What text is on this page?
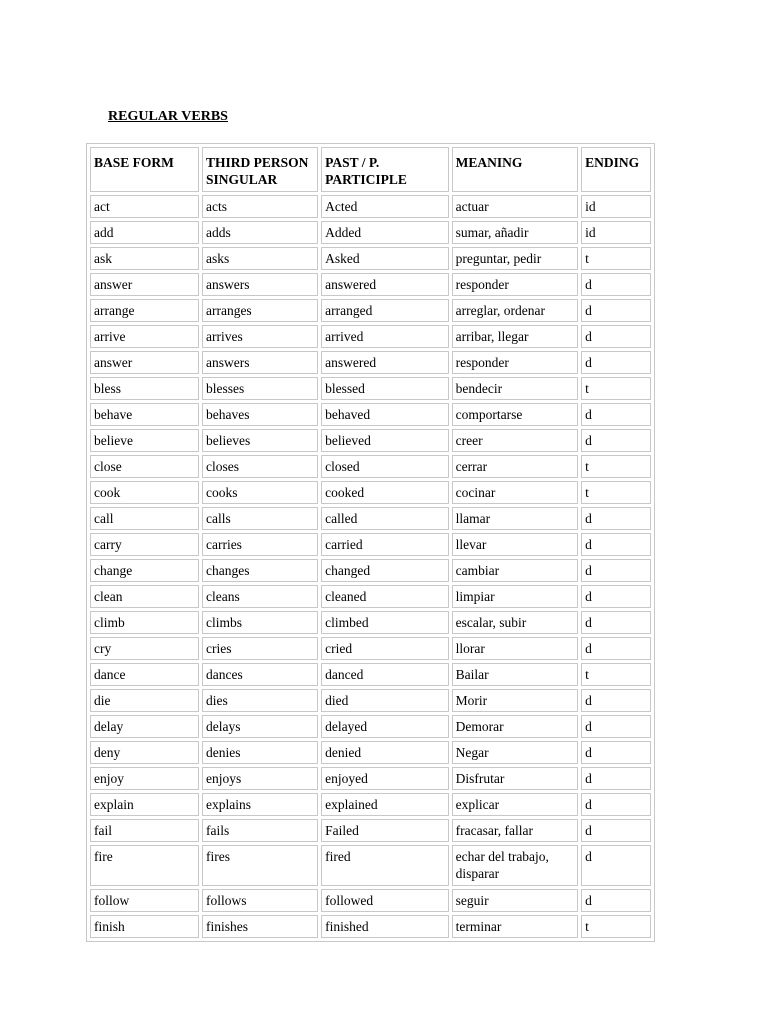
REGULAR VERBS
BASE FORM	THIRD PERSON SINGULAR	PAST / P. PARTICIPLE	MEANING	ENDING
act	acts	Acted	actuar	id
add	adds	Added	sumar, añadir	id
ask	asks	Asked	preguntar, pedir	t
answer	answers	answered	responder	d
arrange	arranges	arranged	arreglar, ordenar	d
arrive	arrives	arrived	arribar, llegar	d
answer	answers	answered	responder	d
bless	blesses	blessed	bendecir	t
behave	behaves	behaved	comportarse	d
believe	believes	believed	creer	d
close	closes	closed	cerrar	t
cook	cooks	cooked	cocinar	t
call	calls	called	llamar	d
carry	carries	carried	llevar	d
change	changes	changed	cambiar	d
clean	cleans	cleaned	limpiar	d
climb	climbs	climbed	escalar, subir	d
cry	cries	cried	llorar	d
dance	dances	danced	Bailar	t
die	dies	died	Morir	d
delay	delays	delayed	Demorar	d
deny	denies	denied	Negar	d
enjoy	enjoys	enjoyed	Disfrutar	d
explain	explains	explained	explicar	d
fail	fails	Failed	fracasar, fallar	d
fire	fires	fired	echar del trabajo, disparar	d
follow	follows	followed	seguir	d
finish	finishes	finished	terminar	t
